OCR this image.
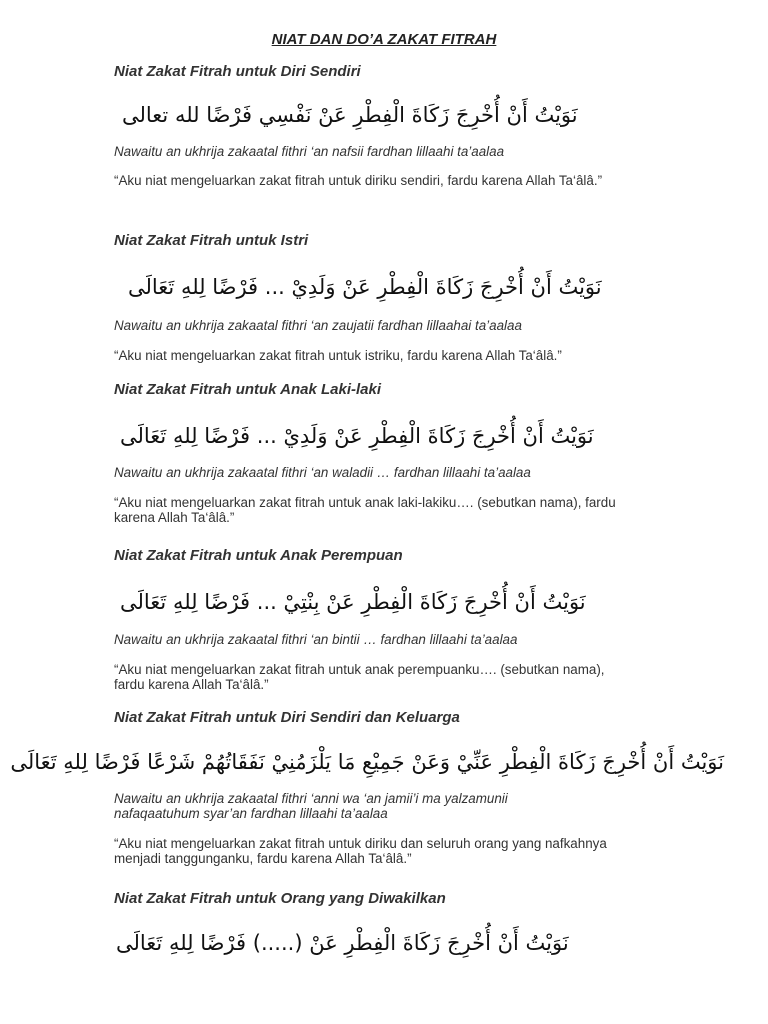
NIAT DAN DO’A ZAKAT FITRAH

Niat Zakat Fitrah untuk Diri Sendiri

نَوَيْتُ أَنْ أُخْرِجَ زَكَاةَ الْفِطْرِ عَنْ نَفْسِي فَرْضًا لله تعالى

Nawaitu an ukhrija zakaatal fithri ‘an nafsii fardhan lillaahi ta’aalaa

“Aku niat mengeluarkan zakat fitrah untuk diriku sendiri, fardu karena Allah Ta‘âlâ.”

Niat Zakat Fitrah untuk Istri

نَوَيْتُ أَنْ أُخْرِجَ زَكَاةَ الْفِطْرِ عَنْ وَلَدِيْ ... فَرْضًا لِلهِ تَعَالَى

Nawaitu an ukhrija zakaatal fithri ‘an zaujatii fardhan lillaahai ta’aalaa

“Aku niat mengeluarkan zakat fitrah untuk istriku, fardu karena Allah Ta‘âlâ.”

Niat Zakat Fitrah untuk Anak Laki-laki

نَوَيْتُ أَنْ أُخْرِجَ زَكَاةَ الْفِطْرِ عَنْ وَلَدِيْ ... فَرْضًا لِلهِ تَعَالَى

Nawaitu an ukhrija zakaatal fithri ‘an waladii … fardhan lillaahi ta’aalaa

“Aku niat mengeluarkan zakat fitrah untuk anak laki-lakiku…. (sebutkan nama), fardu karena Allah Ta‘âlâ.”

Niat Zakat Fitrah untuk Anak Perempuan

نَوَيْتُ أَنْ أُخْرِجَ زَكَاةَ الْفِطْرِ عَنْ بِنْتِيْ ... فَرْضًا لِلهِ تَعَالَى

Nawaitu an ukhrija zakaatal fithri ‘an bintii … fardhan lillaahi ta’aalaa

“Aku niat mengeluarkan zakat fitrah untuk anak perempuanku…. (sebutkan nama), fardu karena Allah Ta‘âlâ.”

Niat Zakat Fitrah untuk Diri Sendiri dan Keluarga

نَوَيْتُ أَنْ أُخْرِجَ زَكَاةَ الْفِطْرِ عَنِّيْ وَعَنْ جَمِيْعِ مَا يَلْزَمُنِيْ نَفَقَاتُهُمْ شَرْعًا فَرْضًا لِلهِ تَعَالَى

Nawaitu an ukhrija zakaatal fithri ‘anni wa ‘an jamii’i ma yalzamunii nafaqaatuhum syar’an fardhan lillaahi ta’aalaa

“Aku niat mengeluarkan zakat fitrah untuk diriku dan seluruh orang yang nafkahnya menjadi tanggunganku, fardu karena Allah Ta‘âlâ.”

Niat Zakat Fitrah untuk Orang yang Diwakilkan

نَوَيْتُ أَنْ أُخْرِجَ زَكَاةَ الْفِطْرِ عَنْ (.....) فَرْضًا لِلهِ تَعَالَى
